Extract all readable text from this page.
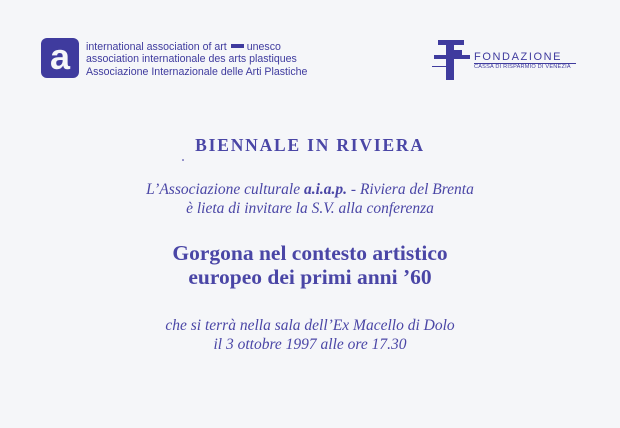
a international association of art unesco
association internationale des arts plastiques
Associazione Internazionale delle Arti Plastiche
FONDAZIONE
CASSA DI RISPARMIO DI VENEZIA
BIENNALE IN RIVIERA
L’Associazione culturale a.i.a.p. - Riviera del Brenta
è lieta di invitare la S.V. alla conferenza
Gorgona nel contesto artistico
europeo dei primi anni ’60
che si terrà nella sala dell’Ex Macello di Dolo
il 3 ottobre 1997 alle ore 17.30
